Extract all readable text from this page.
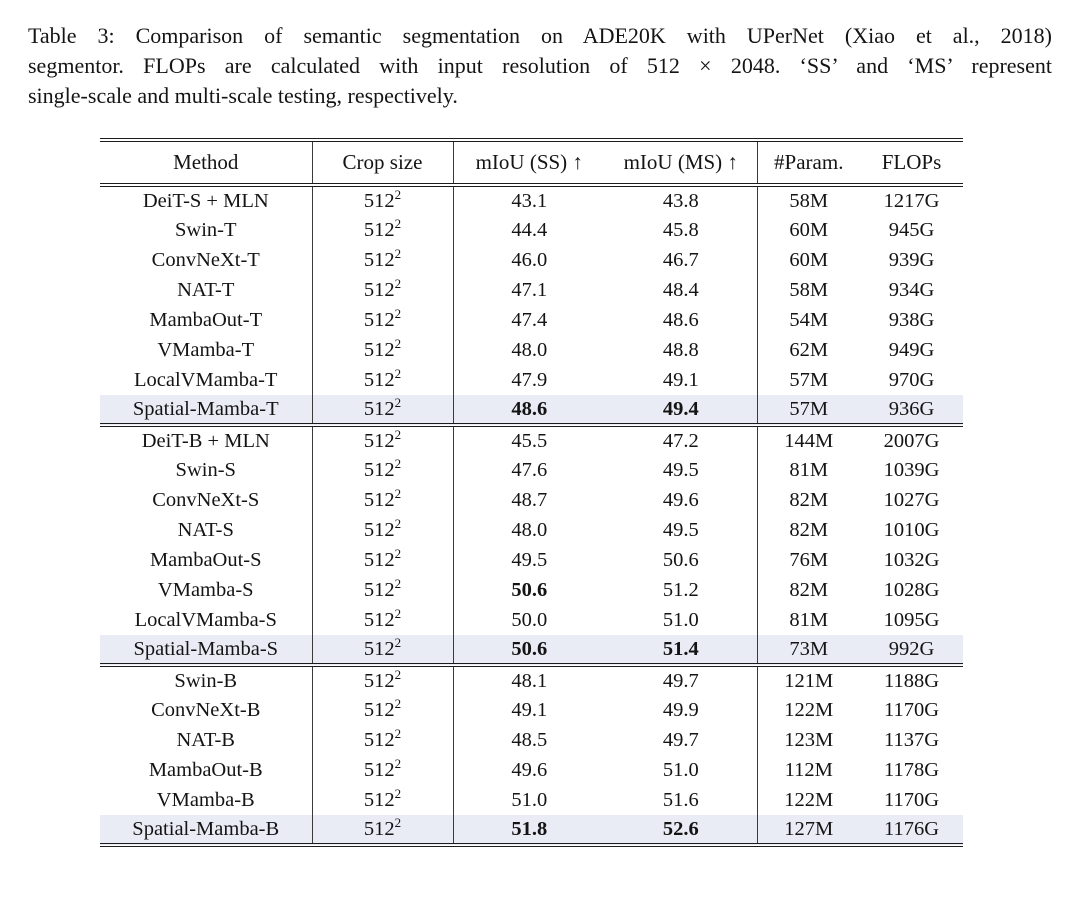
Table 3: Comparison of semantic segmentation on ADE20K with UPerNet (Xiao et al., 2018)
segmentor. FLOPs are calculated with input resolution of 512 × 2048. ‘SS’ and ‘MS’ represent
single-scale and multi-scale testing, respectively.

Method	Crop size	mIoU (SS) ↑	mIoU (MS) ↑	#Param.	FLOPs
DeiT-S + MLN	$512^2$	43.1	43.8	58M	1217G
Swin-T	$512^2$	44.4	45.8	60M	945G
ConvNeXt-T	$512^2$	46.0	46.7	60M	939G
NAT-T	$512^2$	47.1	48.4	58M	934G
MambaOut-T	$512^2$	47.4	48.6	54M	938G
VMamba-T	$512^2$	48.0	48.8	62M	949G
LocalVMamba-T	$512^2$	47.9	49.1	57M	970G
Spatial-Mamba-T	$512^2$	48.6	49.4	57M	936G
DeiT-B + MLN	$512^2$	45.5	47.2	144M	2007G
Swin-S	$512^2$	47.6	49.5	81M	1039G
ConvNeXt-S	$512^2$	48.7	49.6	82M	1027G
NAT-S	$512^2$	48.0	49.5	82M	1010G
MambaOut-S	$512^2$	49.5	50.6	76M	1032G
VMamba-S	$512^2$	50.6	51.2	82M	1028G
LocalVMamba-S	$512^2$	50.0	51.0	81M	1095G
Spatial-Mamba-S	$512^2$	50.6	51.4	73M	992G
Swin-B	$512^2$	48.1	49.7	121M	1188G
ConvNeXt-B	$512^2$	49.1	49.9	122M	1170G
NAT-B	$512^2$	48.5	49.7	123M	1137G
MambaOut-B	$512^2$	49.6	51.0	112M	1178G
VMamba-B	$512^2$	51.0	51.6	122M	1170G
Spatial-Mamba-B	$512^2$	51.8	52.6	127M	1176G
